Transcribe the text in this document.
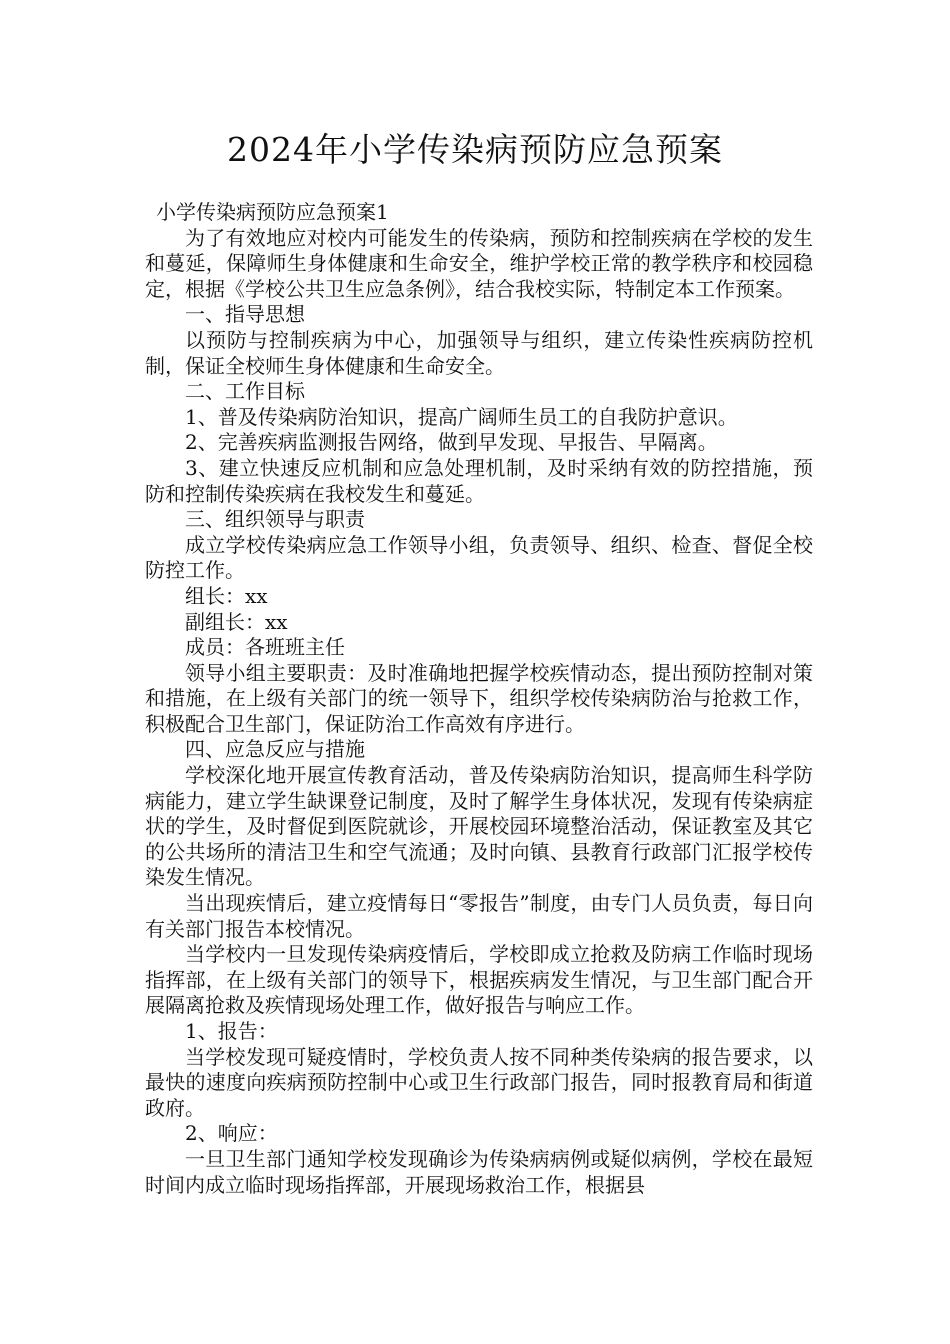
2024年小学传染病预防应急预案

小学传染病预防应急预案1

为了有效地应对校内可能发生的传染病，预防和控制疾病在学校的发生和蔓延，保障师生身体健康和生命安全，维护学校正常的教学秩序和校园稳定，根据《学校公共卫生应急条例》，结合我校实际，特制定本工作预案。

一、指导思想

以预防与控制疾病为中心，加强领导与组织，建立传染性疾病防控机制，保证全校师生身体健康和生命安全。

二、工作目标

1、普及传染病防治知识，提高广阔师生员工的自我防护意识。

2、完善疾病监测报告网络，做到早发现、早报告、早隔离。

3、建立快速反应机制和应急处理机制，及时采纳有效的防控措施，预防和控制传染疾病在我校发生和蔓延。

三、组织领导与职责

成立学校传染病应急工作领导小组，负责领导、组织、检查、督促全校防控工作。

组长：xx

副组长：xx

成员：各班班主任

领导小组主要职责：及时准确地把握学校疾情动态，提出预防控制对策和措施，在上级有关部门的统一领导下，组织学校传染病防治与抢救工作，积极配合卫生部门，保证防治工作高效有序进行。

四、应急反应与措施

学校深化地开展宣传教育活动，普及传染病防治知识，提高师生科学防病能力，建立学生缺课登记制度，及时了解学生身体状况，发现有传染病症状的学生，及时督促到医院就诊，开展校园环境整治活动，保证教室及其它的公共场所的清洁卫生和空气流通；及时向镇、县教育行政部门汇报学校传染发生情况。

当出现疾情后，建立疫情每日“零报告”制度，由专门人员负责，每日向有关部门报告本校情况。

当学校内一旦发现传染病疫情后，学校即成立抢救及防病工作临时现场指挥部，在上级有关部门的领导下，根据疾病发生情况，与卫生部门配合开展隔离抢救及疾情现场处理工作，做好报告与响应工作。

1、报告：

当学校发现可疑疫情时，学校负责人按不同种类传染病的报告要求，以最快的速度向疾病预防控制中心或卫生行政部门报告，同时报教育局和街道政府。

2、响应：

一旦卫生部门通知学校发现确诊为传染病病例或疑似病例，学校在最短时间内成立临时现场指挥部，开展现场救治工作，根据县
